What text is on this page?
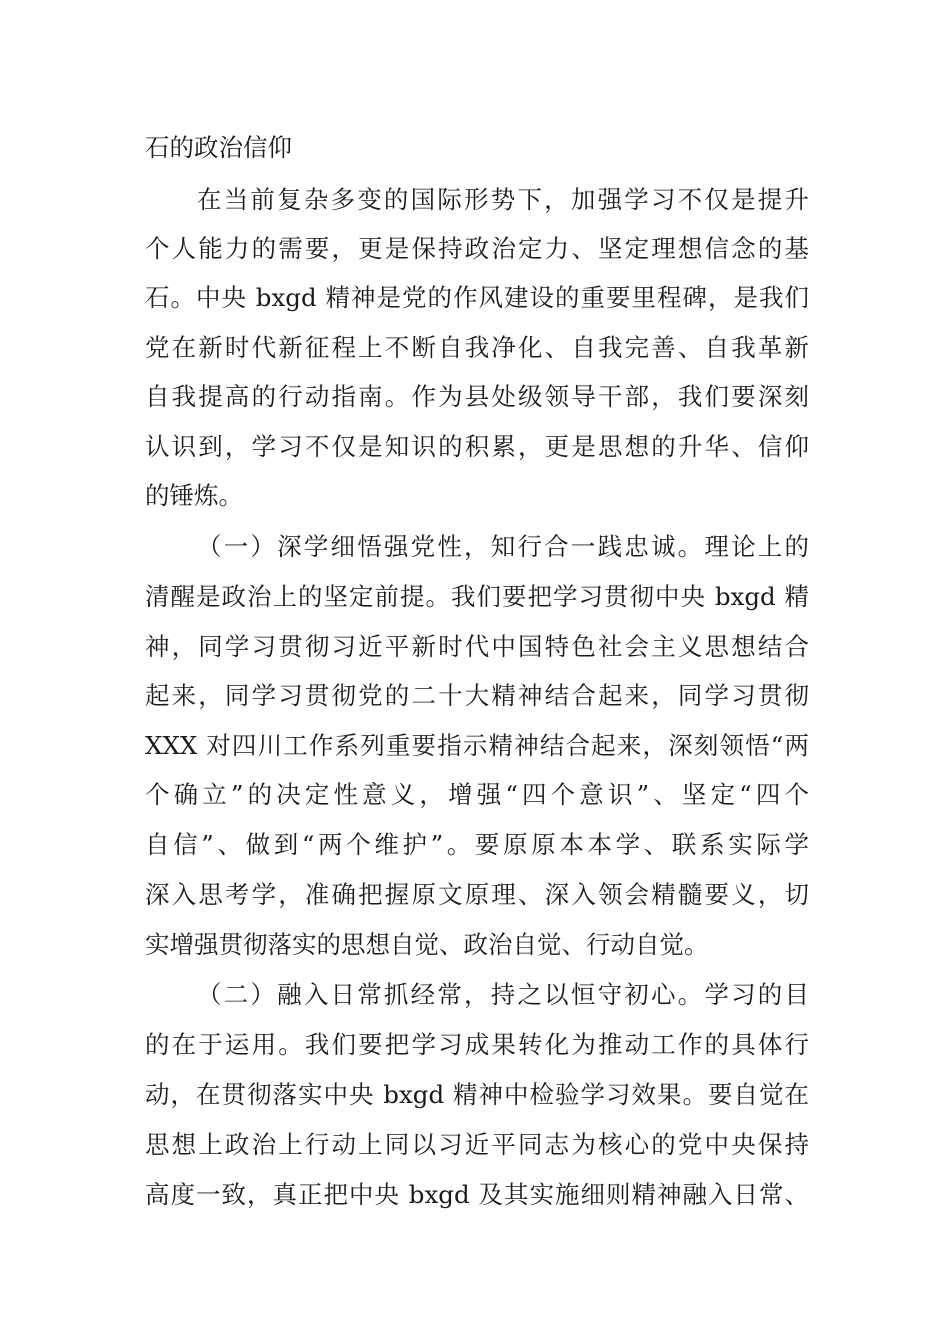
石的政治信仰
在当前复杂多变的国际形势下，加强学习不仅是提升
个人能力的需要，更是保持政治定力、坚定理想信念的基
石。中央 bxgd 精神是党的作风建设的重要里程碑，是我们
党在新时代新征程上不断自我净化、自我完善、自我革新
自我提高的行动指南。作为县处级领导干部，我们要深刻
认识到，学习不仅是知识的积累，更是思想的升华、信仰
的锤炼。
（一）深学细悟强党性，知行合一践忠诚。理论上的
清醒是政治上的坚定前提。我们要把学习贯彻中央 bxgd 精
神，同学习贯彻习近平新时代中国特色社会主义思想结合
起来，同学习贯彻党的二十大精神结合起来，同学习贯彻
XXX 对四川工作系列重要指示精神结合起来，深刻领悟“两
个确立”的决定性意义，增强“四个意识”、坚定“四个
自信”、做到“两个维护”。要原原本本学、联系实际学
深入思考学，准确把握原文原理、深入领会精髓要义，切
实增强贯彻落实的思想自觉、政治自觉、行动自觉。
（二）融入日常抓经常，持之以恒守初心。学习的目
的在于运用。我们要把学习成果转化为推动工作的具体行
动，在贯彻落实中央 bxgd 精神中检验学习效果。要自觉在
思想上政治上行动上同以习近平同志为核心的党中央保持
高度一致，真正把中央 bxgd 及其实施细则精神融入日常、
